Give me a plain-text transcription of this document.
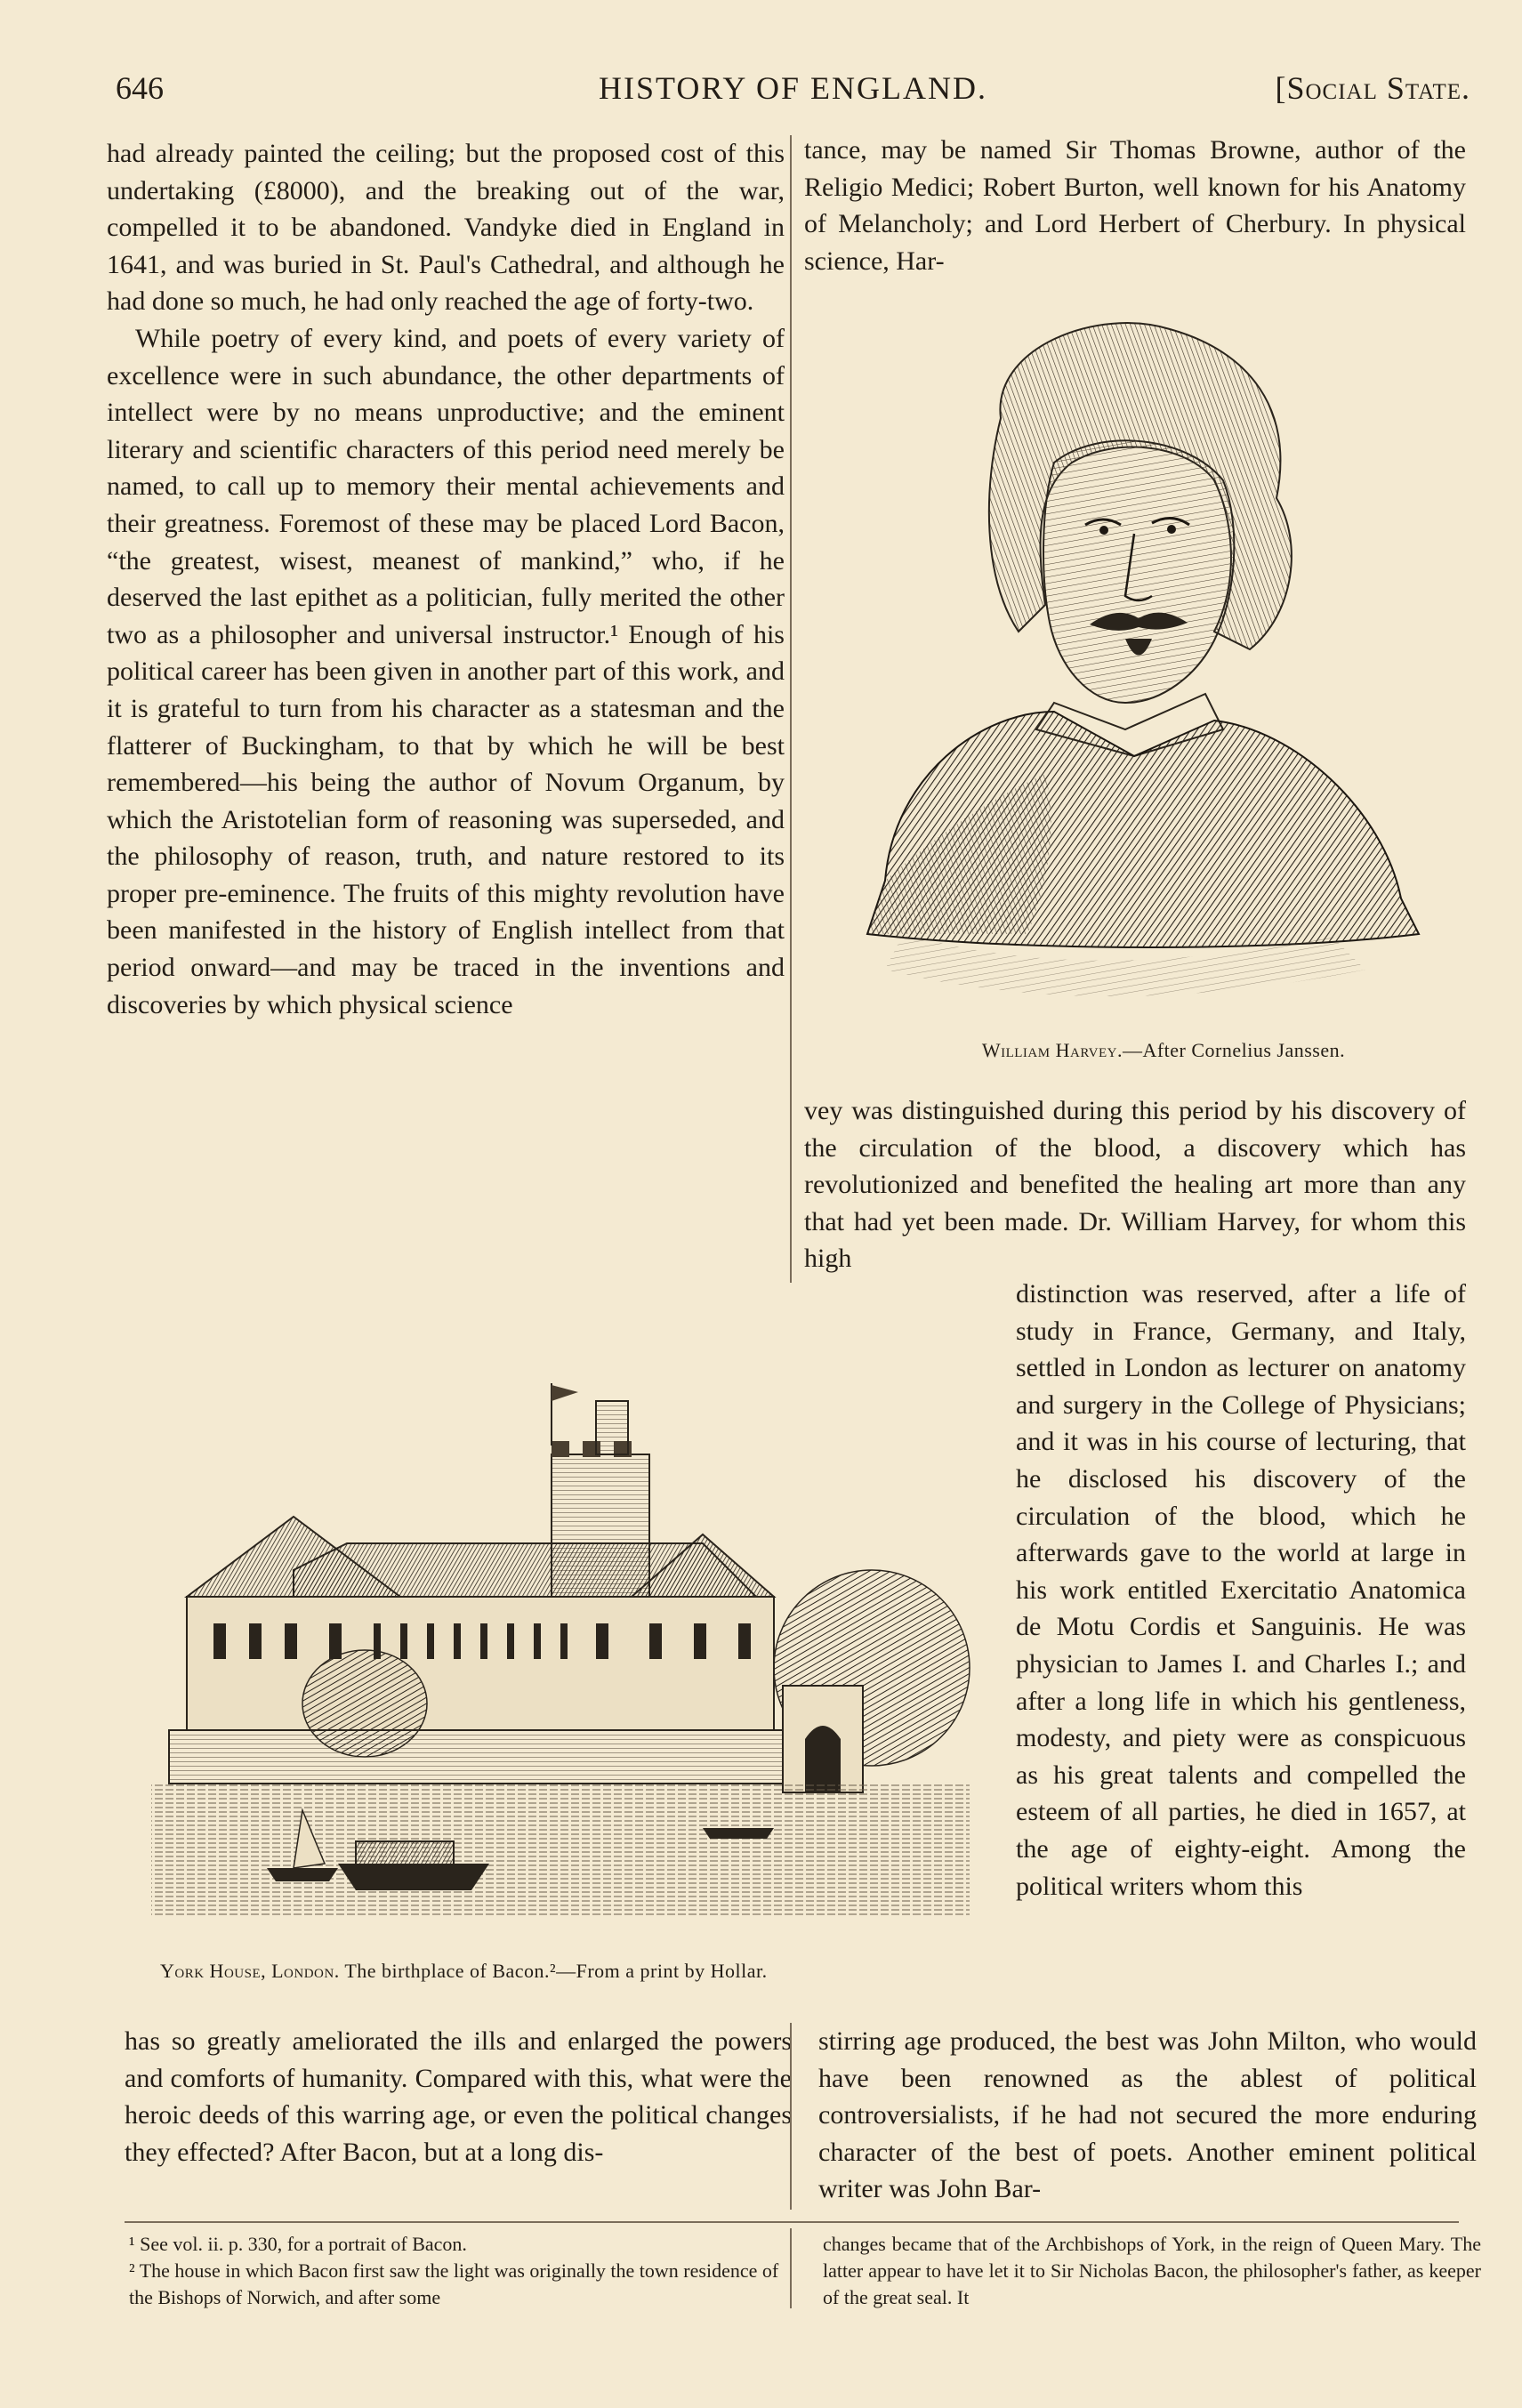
646	HISTORY OF ENGLAND.	[Social State.

had already painted the ceiling; but the proposed cost of this undertaking (£8000), and the breaking out of the war, compelled it to be abandoned. Vandyke died in England in 1641, and was buried in St. Paul's Cathedral, and although he had done so much, he had only reached the age of forty-two.

While poetry of every kind, and poets of every variety of excellence were in such abundance, the other departments of intellect were by no means unproductive; and the eminent literary and scientific characters of this period need merely be named, to call up to memory their mental achievements and their greatness. Foremost of these may be placed Lord Bacon, “the greatest, wisest, meanest of mankind,” who, if he deserved the last epithet as a politician, fully merited the other two as a philosopher and universal instructor.¹ Enough of his political career has been given in another part of this work, and it is grateful to turn from his character as a statesman and the flatterer of Buckingham, to that by which he will be best remembered—his being the author of Novum Organum, by which the Aristotelian form of reasoning was superseded, and the philosophy of reason, truth, and nature restored to its proper pre-eminence. The fruits of this mighty revolution have been manifested in the history of English intellect from that period onward—and may be traced in the inventions and discoveries by which physical science

tance, may be named Sir Thomas Browne, author of the Religio Medici; Robert Burton, well known for his Anatomy of Melancholy; and Lord Herbert of Cherbury. In physical science, Har-

William Harvey.—After Cornelius Janssen.

vey was distinguished during this period by his discovery of the circulation of the blood, a discovery which has revolutionized and benefited the healing art more than any that had yet been made. Dr. William Harvey, for whom this high

distinction was reserved, after a life of study in France, Germany, and Italy, settled in London as lecturer on anatomy and surgery in the College of Physicians; and it was in his course of lecturing, that he disclosed his discovery of the circulation of the blood, which he afterwards gave to the world at large in his work entitled Exercitatio Anatomica de Motu Cordis et Sanguinis. He was physician to James I. and Charles I.; and after a long life in which his gentleness, modesty, and piety were as conspicuous as his great talents and compelled the esteem of all parties, he died in 1657, at the age of eighty-eight. Among the political writers whom this

York House, London. The birthplace of Bacon.²—From a print by Hollar.

has so greatly ameliorated the ills and enlarged the powers and comforts of humanity. Compared with this, what were the heroic deeds of this warring age, or even the political changes they effected? After Bacon, but at a long dis-

stirring age produced, the best was John Milton, who would have been renowned as the ablest of political controversialists, if he had not secured the more enduring character of the best of poets. Another eminent political writer was John Bar-

¹ See vol. ii. p. 330, for a portrait of Bacon.

² The house in which Bacon first saw the light was originally the town residence of the Bishops of Norwich, and after some

changes became that of the Archbishops of York, in the reign of Queen Mary. The latter appear to have let it to Sir Nicholas Bacon, the philosopher's father, as keeper of the great seal. It
